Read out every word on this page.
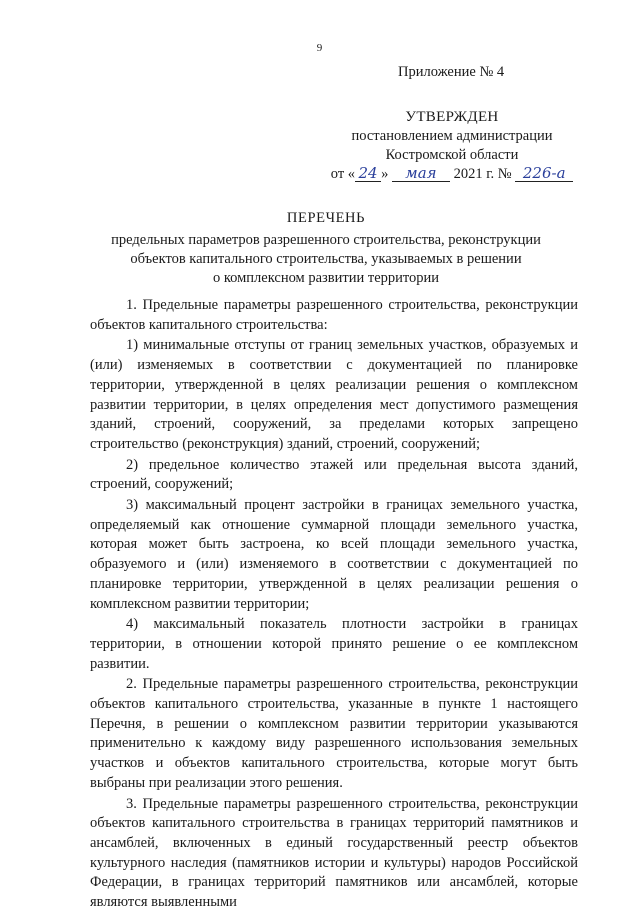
9
Приложение № 4
УТВЕРЖДЕН
постановлением администрации
Костромской области
от « 24 » мая 2021 г. № 226-а
ПЕРЕЧЕНЬ
предельных параметров разрешенного строительства, реконструкции
объектов капитального строительства, указываемых в решении
о комплексном развитии территории

1. Предельные параметры разрешенного строительства, реконструкции объектов капитального строительства:

1) минимальные отступы от границ земельных участков, образуемых и (или) изменяемых в соответствии с документацией по планировке территории, утвержденной в целях реализации решения о комплексном развитии территории, в целях определения мест допустимого размещения зданий, строений, сооружений, за пределами которых запрещено строительство (реконструкция) зданий, строений, сооружений;

2) предельное количество этажей или предельная высота зданий, строений, сооружений;

3) максимальный процент застройки в границах земельного участка, определяемый как отношение суммарной площади земельного участка, которая может быть застроена, ко всей площади земельного участка, образуемого и (или) изменяемого в соответствии с документацией по планировке территории, утвержденной в целях реализации решения о комплексном развитии территории;

4) максимальный показатель плотности застройки в границах территории, в отношении которой принято решение о ее комплексном развитии.

2. Предельные параметры разрешенного строительства, реконструкции объектов капитального строительства, указанные в пункте 1 настоящего Перечня, в решении о комплексном развитии территории указываются применительно к каждому виду разрешенного использования земельных участков и объектов капитального строительства, которые могут быть выбраны при реализации этого решения.

3. Предельные параметры разрешенного строительства, реконструкции объектов капитального строительства в границах территорий памятников и ансамблей, включенных в единый государственный реестр объектов культурного наследия (памятников истории и культуры) народов Российской Федерации, в границах территорий памятников или ансамблей, которые являются выявленными
